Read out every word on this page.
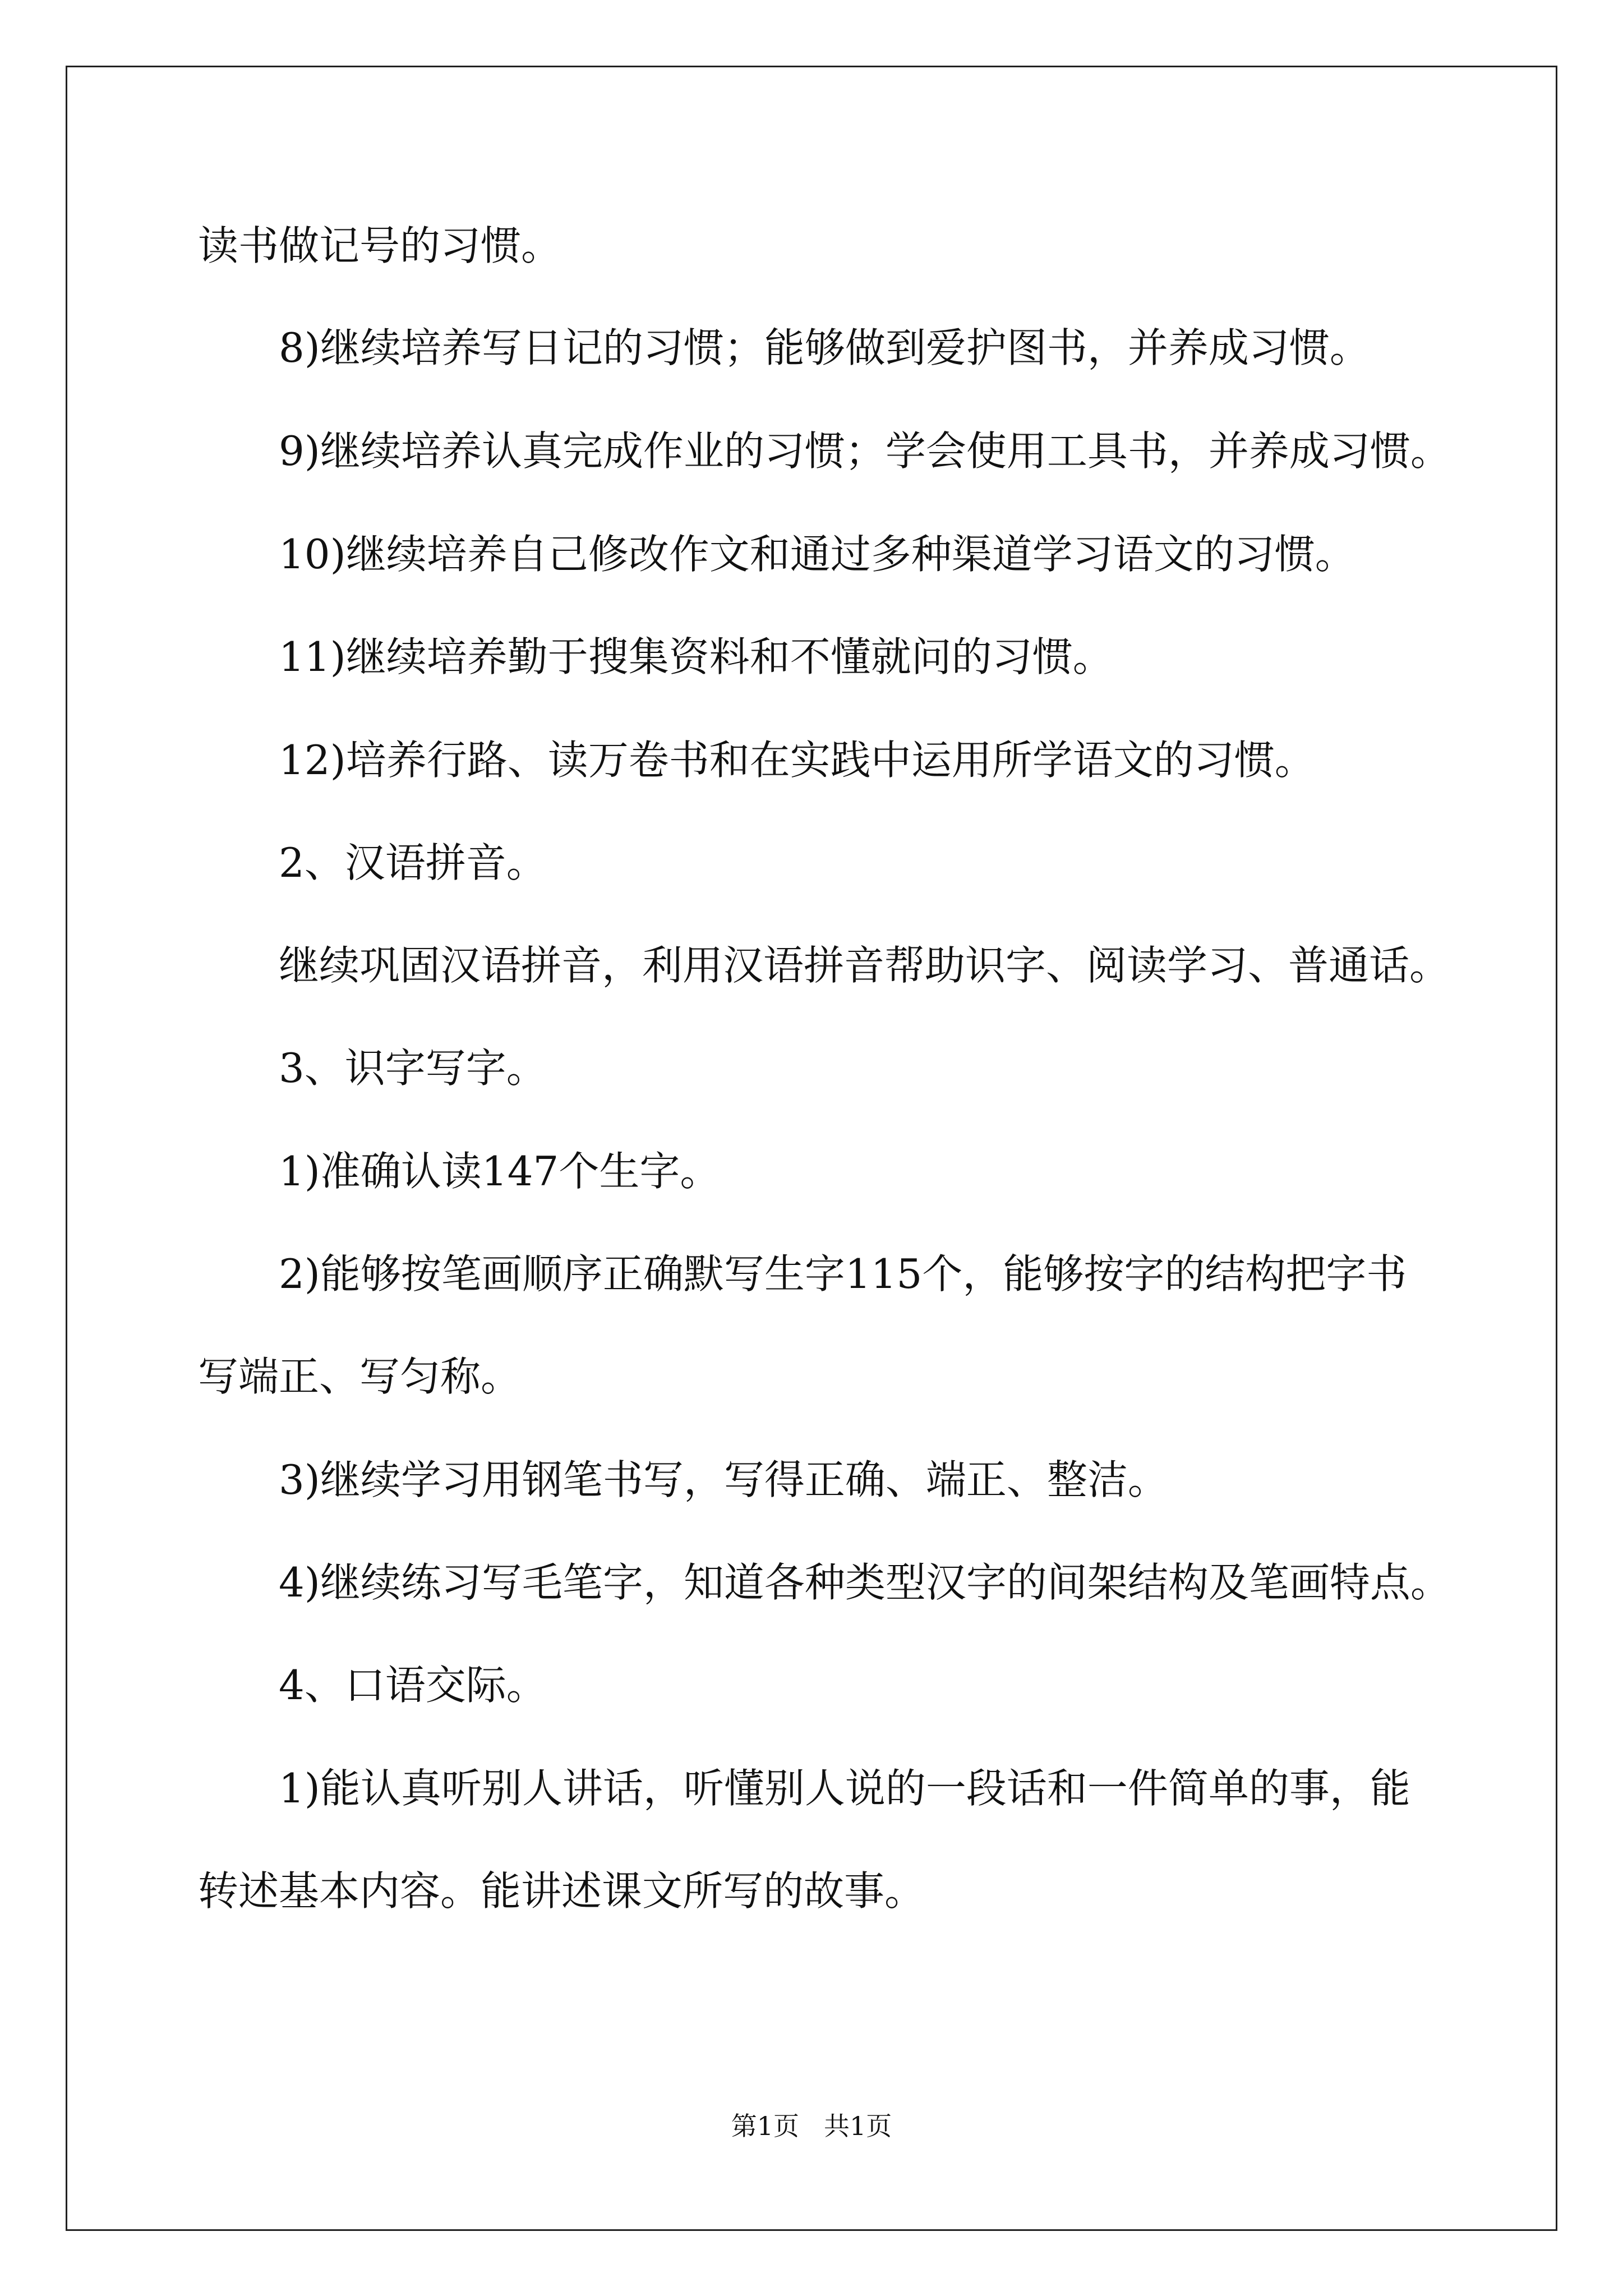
读书做记号的习惯。
8)继续培养写日记的习惯；能够做到爱护图书，并养成习惯。
9)继续培养认真完成作业的习惯；学会使用工具书，并养成习惯。
10)继续培养自己修改作文和通过多种渠道学习语文的习惯。
11)继续培养勤于搜集资料和不懂就问的习惯。
12)培养行路、读万卷书和在实践中运用所学语文的习惯。
2、汉语拼音。
继续巩固汉语拼音，利用汉语拼音帮助识字、阅读学习、普通话。
3、识字写字。
1)准确认读147个生字。
2)能够按笔画顺序正确默写生字115个，能够按字的结构把字书
写端正、写匀称。
3)继续学习用钢笔书写，写得正确、端正、整洁。
4)继续练习写毛笔字，知道各种类型汉字的间架结构及笔画特点。
4、口语交际。
1)能认真听别人讲话，听懂别人说的一段话和一件简单的事，能
转述基本内容。能讲述课文所写的故事。
第1页 共1页
